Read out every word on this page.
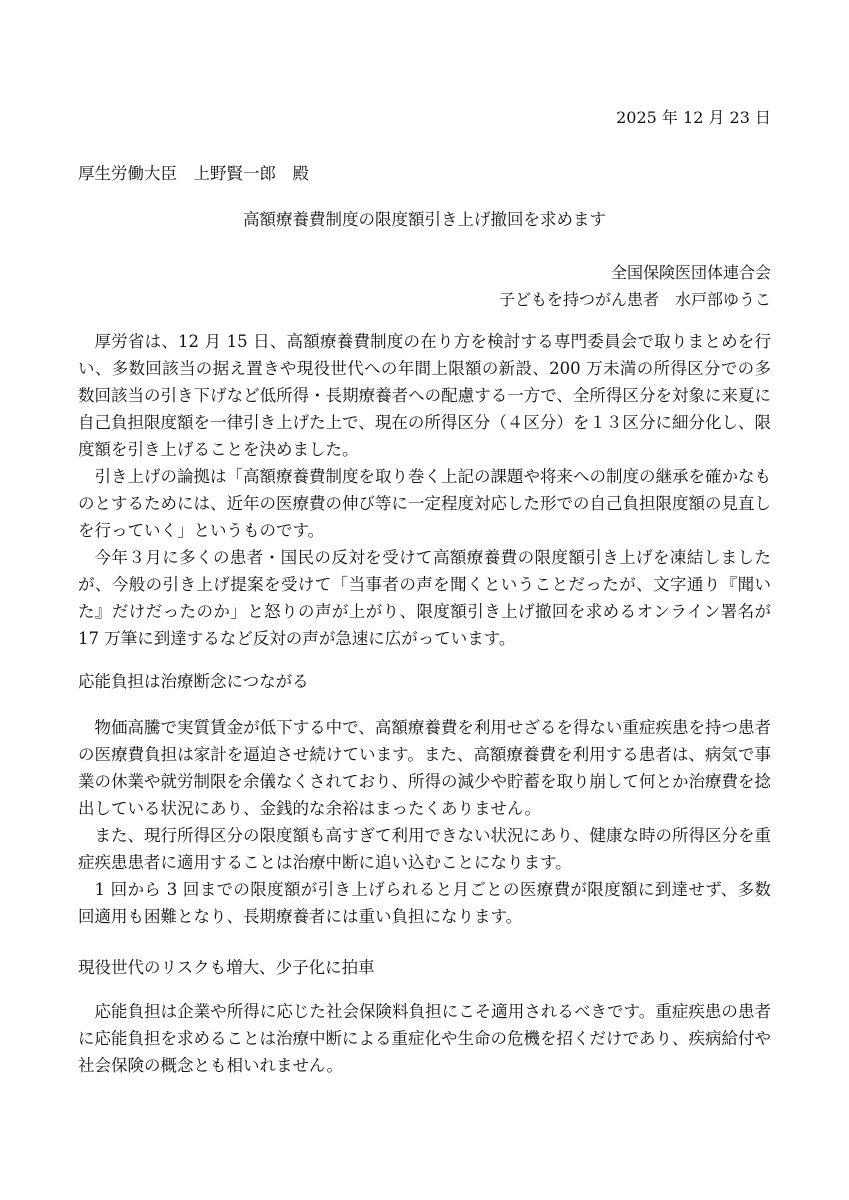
2025 年 12 月 23 日
厚生労働大臣　上野賢一郎　殿
高額療養費制度の限度額引き上げ撤回を求めます
全国保険医団体連合会
子どもを持つがん患者　水戸部ゆうこ

厚労省は、12 月 15 日、高額療養費制度の在り方を検討する専門委員会で取りまとめを行い、多数回該当の据え置きや現役世代への年間上限額の新設、200 万未満の所得区分での多数回該当の引き下げなど低所得・長期療養者への配慮する一方で、全所得区分を対象に来夏に自己負担限度額を一律引き上げた上で、現在の所得区分（４区分）を１３区分に細分化し、限度額を引き上げることを決めました。

引き上げの論拠は「高額療養費制度を取り巻く上記の課題や将来への制度の継承を確かなものとするためには、近年の医療費の伸び等に一定程度対応した形での自己負担限度額の見直しを行っていく」というものです。

今年３月に多くの患者・国民の反対を受けて高額療養費の限度額引き上げを凍結しましたが、今般の引き上げ提案を受けて「当事者の声を聞くということだったが、文字通り『聞いた』だけだったのか」と怒りの声が上がり、限度額引き上げ撤回を求めるオンライン署名が 17 万筆に到達するなど反対の声が急速に広がっています。

応能負担は治療断念につながる

物価高騰で実質賃金が低下する中で、高額療養費を利用せざるを得ない重症疾患を持つ患者の医療費負担は家計を逼迫させ続けています。また、高額療養費を利用する患者は、病気で事業の休業や就労制限を余儀なくされており、所得の減少や貯蓄を取り崩して何とか治療費を捻出している状況にあり、金銭的な余裕はまったくありません。

また、現行所得区分の限度額も高すぎて利用できない状況にあり、健康な時の所得区分を重症疾患患者に適用することは治療中断に追い込むことになります。

1 回から 3 回までの限度額が引き上げられると月ごとの医療費が限度額に到達せず、多数回適用も困難となり、長期療養者には重い負担になります。

現役世代のリスクも増大、少子化に拍車

応能負担は企業や所得に応じた社会保険料負担にこそ適用されるべきです。重症疾患の患者に応能負担を求めることは治療中断による重症化や生命の危機を招くだけであり、疾病給付や社会保険の概念とも相いれません。
